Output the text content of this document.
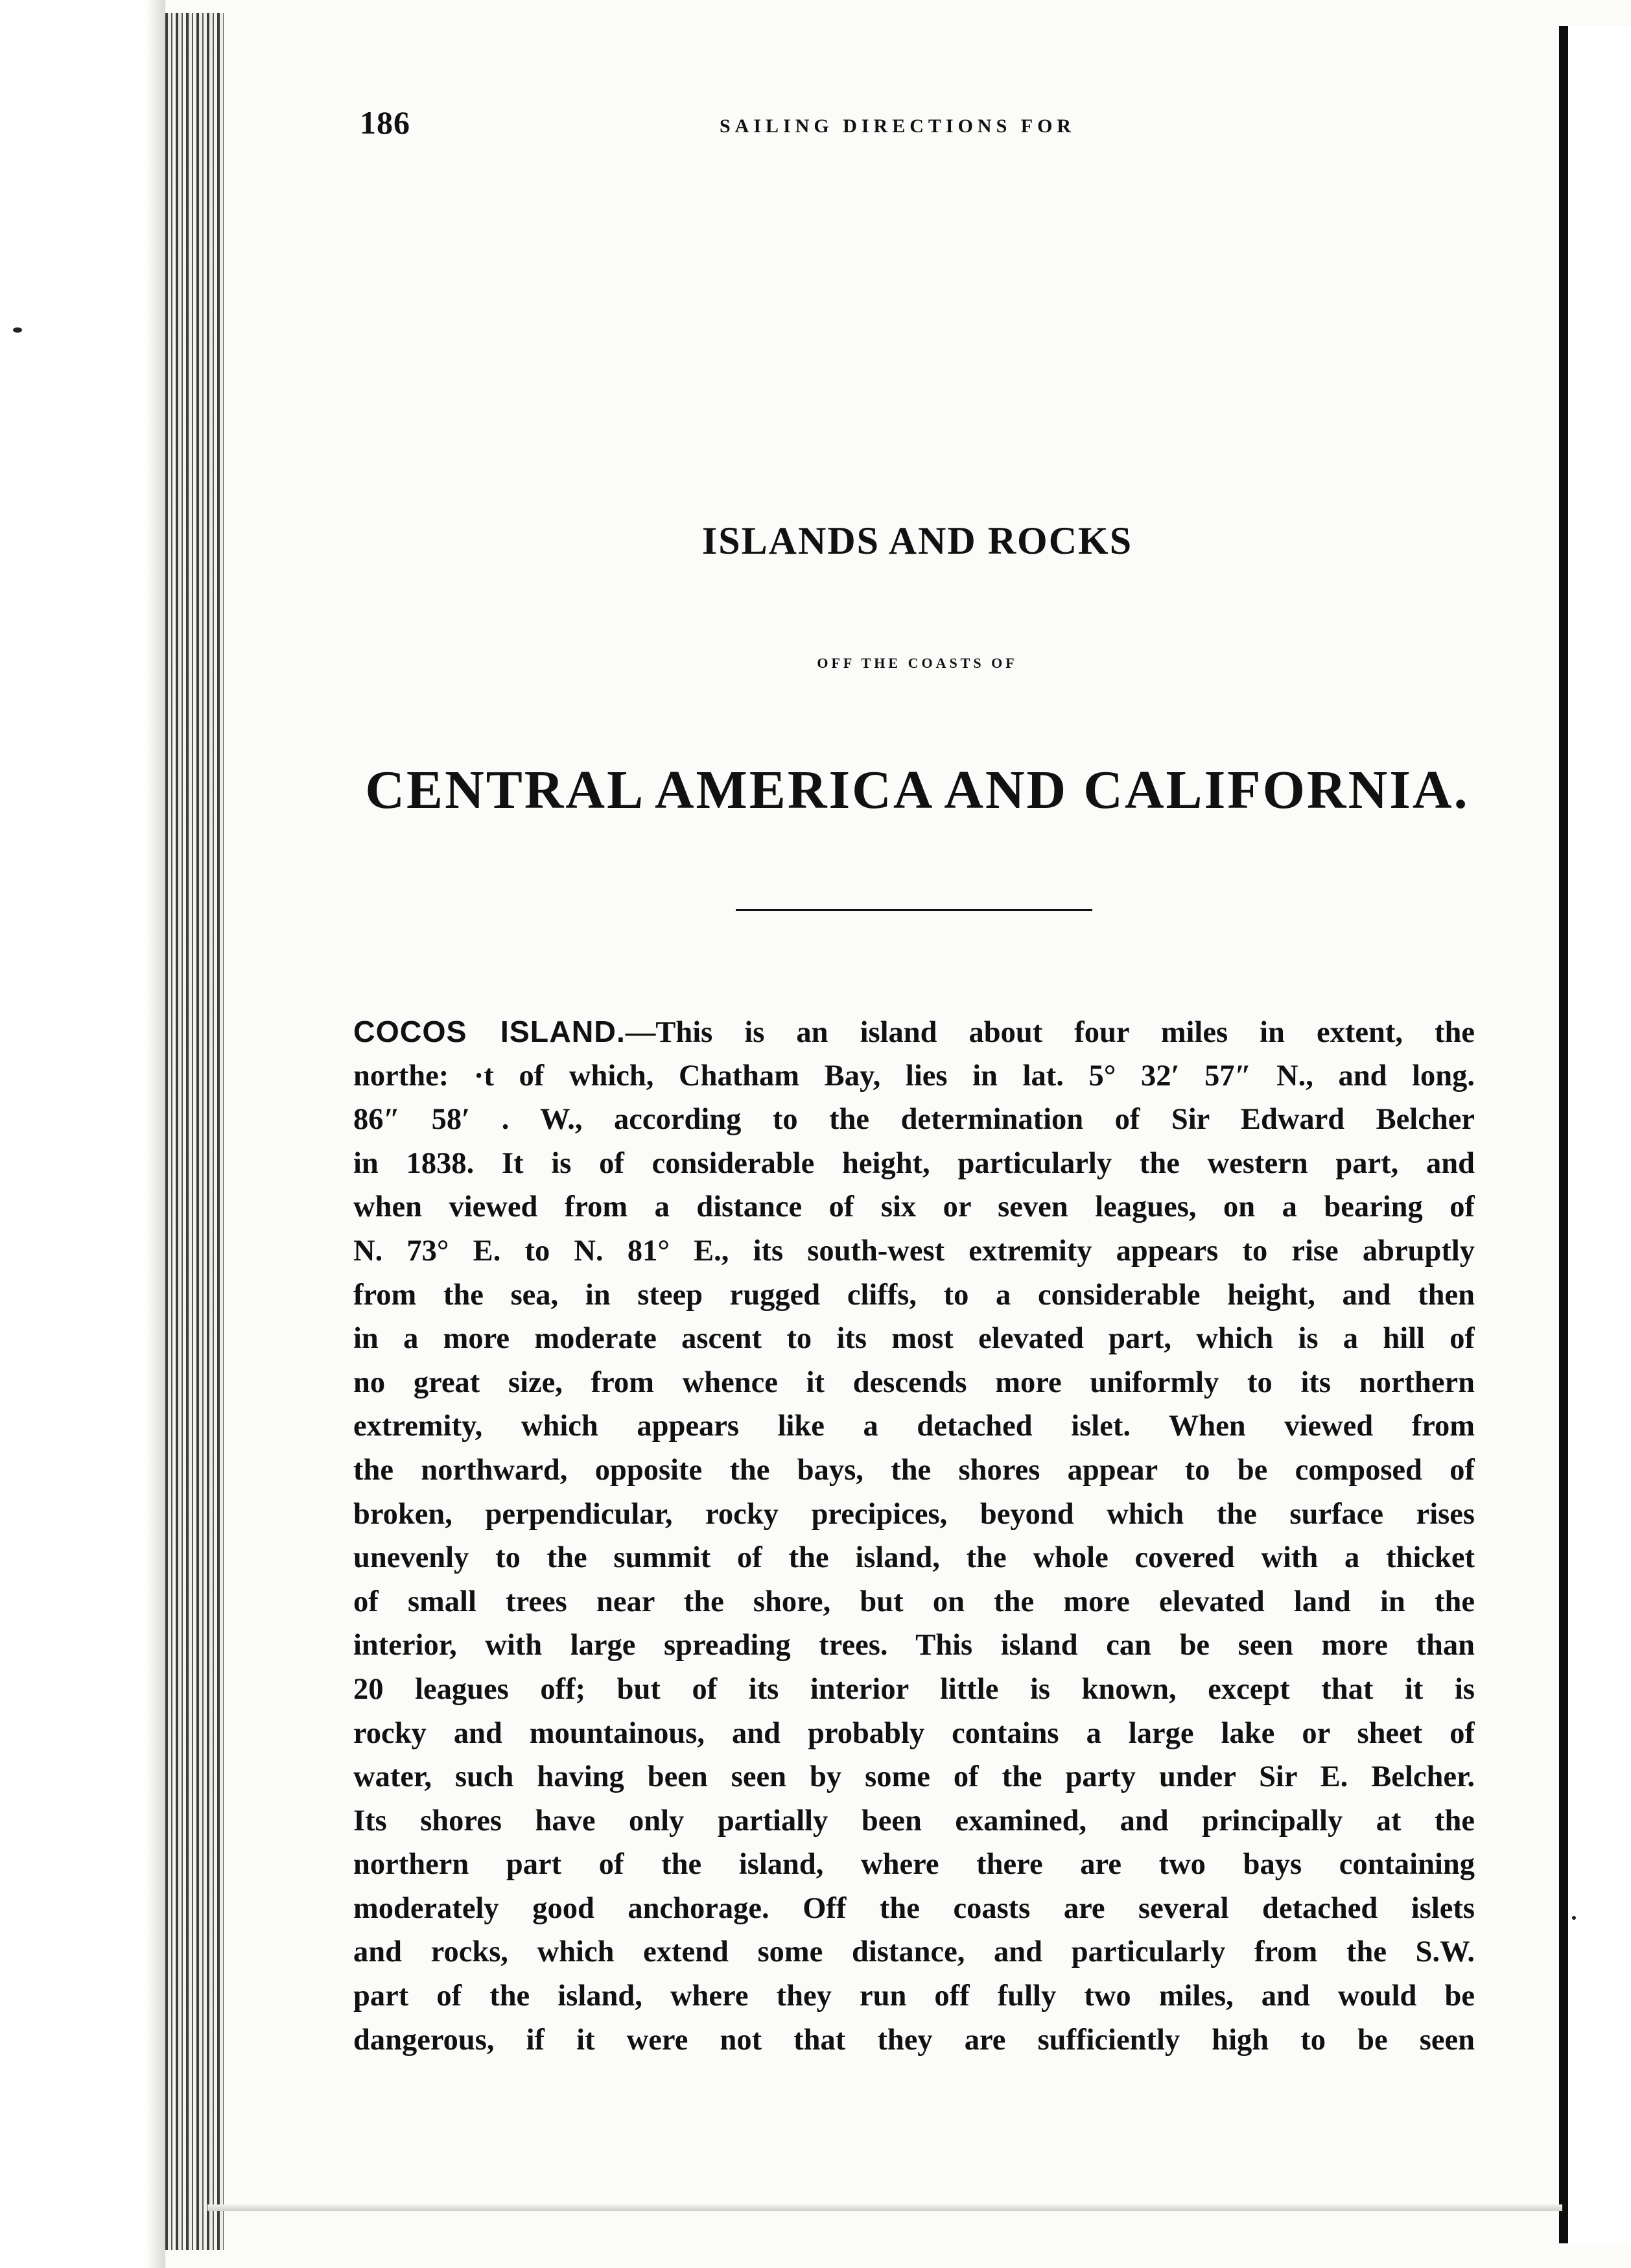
186	SAILING DIRECTIONS FOR
ISLANDS AND ROCKS
OFF THE COASTS OF
CENTRAL AMERICA AND CALIFORNIA.
COCOS ISLAND.—This is an island about four miles in extent, the
northe: ·t of which, Chatham Bay, lies in lat. 5° 32′ 57″ N., and long.
86″ 58′ . W., according to the determination of Sir Edward Belcher
in 1838. It is of considerable height, particularly the western part, and
when viewed from a distance of six or seven leagues, on a bearing of
N. 73° E. to N. 81° E., its south-west extremity appears to rise abruptly
from the sea, in steep rugged cliffs, to a considerable height, and then
in a more moderate ascent to its most elevated part, which is a hill of
no great size, from whence it descends more uniformly to its northern
extremity, which appears like a detached islet. When viewed from
the northward, opposite the bays, the shores appear to be composed of
broken, perpendicular, rocky precipices, beyond which the surface rises
unevenly to the summit of the island, the whole covered with a thicket
of small trees near the shore, but on the more elevated land in the
interior, with large spreading trees. This island can be seen more than
20 leagues off; but of its interior little is known, except that it is
rocky and mountainous, and probably contains a large lake or sheet of
water, such having been seen by some of the party under Sir E. Belcher.
Its shores have only partially been examined, and principally at the
northern part of the island, where there are two bays containing
moderately good anchorage. Off the coasts are several detached islets
and rocks, which extend some distance, and particularly from the S.W.
part of the island, where they run off fully two miles, and would be
dangerous, if it were not that they are sufficiently high to be seen
